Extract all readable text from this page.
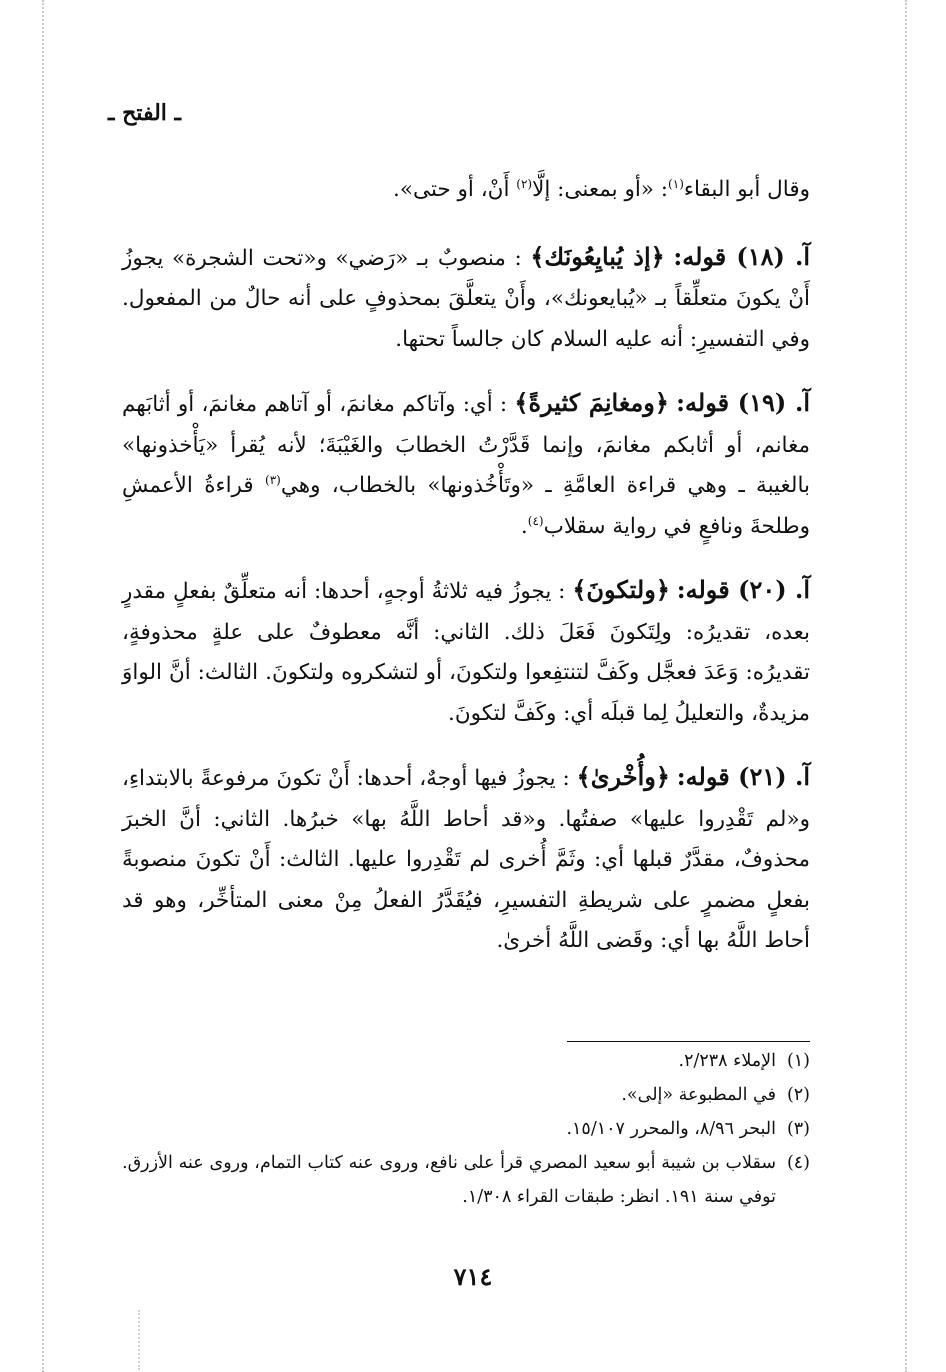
ـ الفتح ـ

وقال أبو البقاء$^{(١)}$: «أو بمعنى: إلَّا$^{(٢)}$ أَنْ، أو حتى».

آ. (١٨) قوله: ﴿إذ يُبايِعُونَك﴾ : منصوبٌ بـ «رَضي» و«تحت الشجرة» يجوزُ أَنْ يكونَ متعلِّقاً بـ «يُبايعونك»، وأَنْ يتعلَّقَ بمحذوفٍ على أنه حالٌ من المفعول. وفي التفسيرِ: أنه عليه السلام كان جالساً تحتها.

آ. (١٩) قوله: ﴿ومغانِمَ كثيرةً﴾ : أي: وآتاكم مغانمَ، أو آتاهم مغانمَ، أو أثابَهم مغانم، أو أثابكم مغانمَ، وإنما قَدَّرْتُ الخطابَ والغَيْبَةَ؛ لأنه يُقرأ «يَأْخذونها» بالغيبة ـ وهي قراءة العامَّةِ ـ «وتَأْخُذونها» بالخطاب، وهي$^{(٣)}$ قراءةُ الأعمشِ وطلحةَ ونافعٍ في رواية سقلاب$^{(٤)}$.

آ. (٢٠) قوله: ﴿ولتكونَ﴾ : يجوزُ فيه ثلاثةُ أوجهٍ، أحدها: أنه متعلِّقٌ بفعلٍ مقدرٍ بعده، تقديرُه: ولِتَكونَ فَعَلَ ذلك. الثاني: أنَّه معطوفٌ على علةٍ محذوفةٍ، تقديرُه: وَعَدَ فعجَّل وكَفَّ لتنتفِعوا ولتكونَ، أو لتشكروه ولتكونَ. الثالث: أنَّ الواوَ مزيدةٌ، والتعليلُ لِما قبلَه أي: وكَفَّ لتكونَ.

آ. (٢١) قوله: ﴿وأُخْرىٰ﴾ : يجوزُ فيها أوجهٌ، أحدها: أَنْ تكونَ مرفوعةً بالابتداءِ، و«لم تَقْدِروا عليها» صفتُها. و«قد أحاط اللَّهُ بها» خبرُها. الثاني: أنَّ الخبرَ محذوفٌ، مقدَّرٌ قبلها أي: وثَمَّ أُخرى لم تَقْدِروا عليها. الثالث: أَنْ تكونَ منصوبةً بفعلٍ مضمرٍ على شريطةِ التفسيرِ، فيُقَدَّرُ الفعلُ مِنْ معنى المتأخِّر، وهو قد أحاط اللَّهُ بها أي: وقَضى اللَّهُ أخرىٰ.

(١)
الإملاء ٢/٢٣٨.
(٢)
في المطبوعة «إلى».
(٣)
البحر ٨/٩٦، والمحرر ١٥/١٠٧.
(٤)
سقلاب بن شيبة أبو سعيد المصري قرأ على نافع، وروى عنه كتاب التمام، وروى عنه الأزرق. توفي سنة ١٩١. انظر: طبقات القراء ١/٣٠٨.
٧١٤
